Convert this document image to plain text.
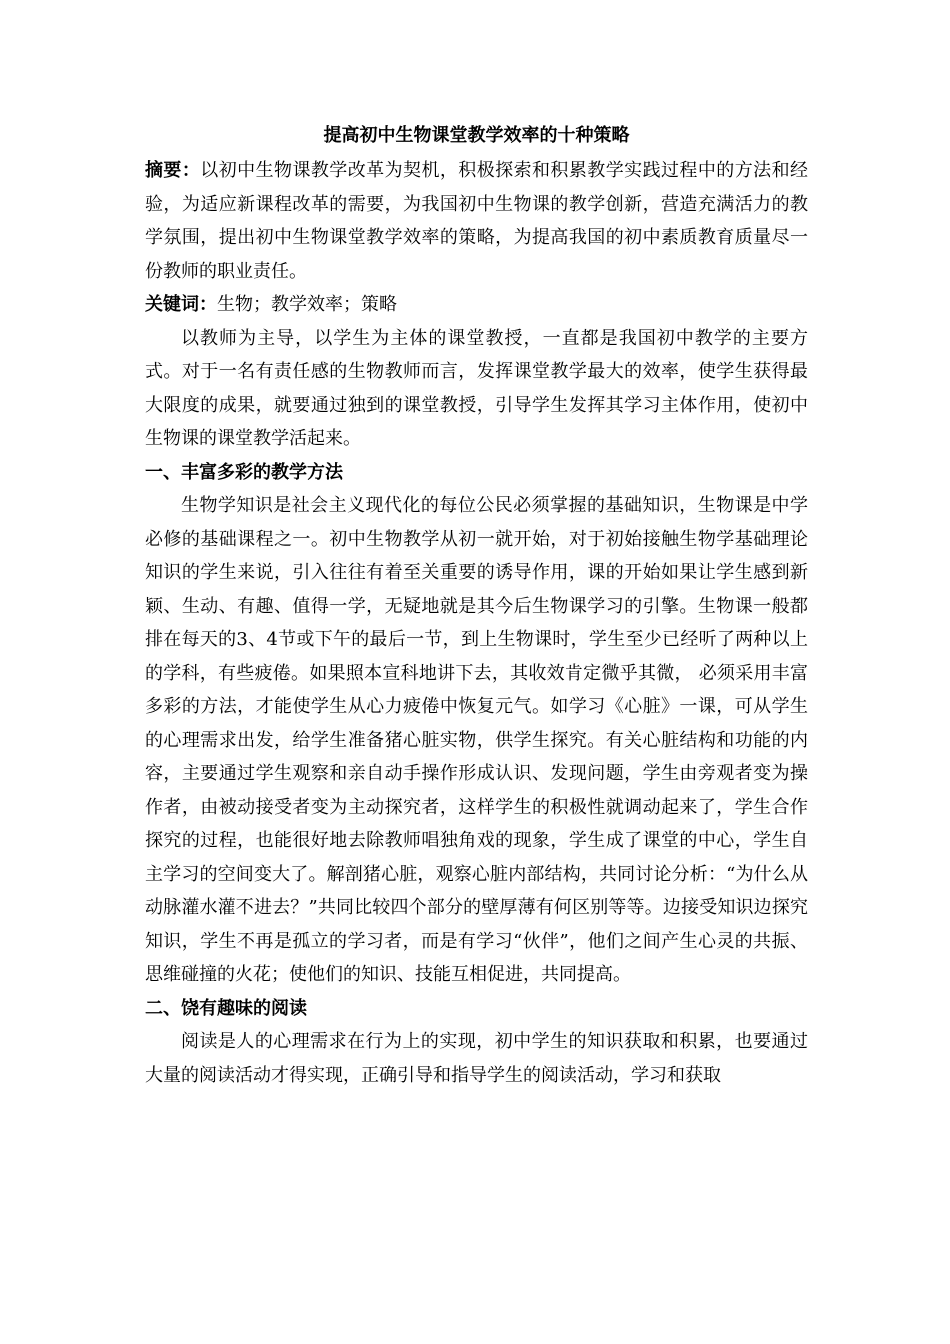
提高初中生物课堂教学效率的十种策略

摘要：以初中生物课教学改革为契机，积极探索和积累教学实践过程中的方法和经验，为适应新课程改革的需要，为我国初中生物课的教学创新，营造充满活力的教学氛围，提出初中生物课堂教学效率的策略，为提高我国的初中素质教育质量尽一份教师的职业责任。

关键词：生物；教学效率；策略

以教师为主导，以学生为主体的课堂教授，一直都是我国初中教学的主要方式。对于一名有责任感的生物教师而言，发挥课堂教学最大的效率，使学生获得最大限度的成果，就要通过独到的课堂教授，引导学生发挥其学习主体作用，使初中生物课的课堂教学活起来。

一、丰富多彩的教学方法

生物学知识是社会主义现代化的每位公民必须掌握的基础知识，生物课是中学必修的基础课程之一。初中生物教学从初一就开始，对于初始接触生物学基础理论知识的学生来说，引入往往有着至关重要的诱导作用，课的开始如果让学生感到新颖、生动、有趣、值得一学，无疑地就是其今后生物课学习的引擎。生物课一般都排在每天的3、4节或下午的最后一节，到上生物课时，学生至少已经听了两种以上的学科，有些疲倦。如果照本宣科地讲下去，其收效肯定微乎其微， 必须采用丰富多彩的方法，才能使学生从心力疲倦中恢复元气。如学习《心脏》一课，可从学生的心理需求出发，给学生准备猪心脏实物，供学生探究。有关心脏结构和功能的内容，主要通过学生观察和亲自动手操作形成认识、发现问题，学生由旁观者变为操作者，由被动接受者变为主动探究者，这样学生的积极性就调动起来了，学生合作探究的过程，也能很好地去除教师唱独角戏的现象，学生成了课堂的中心，学生自主学习的空间变大了。解剖猪心脏，观察心脏内部结构，共同讨论分析：“为什么从动脉灌水灌不进去？”共同比较四个部分的壁厚薄有何区别等等。边接受知识边探究知识，学生不再是孤立的学习者，而是有学习“伙伴”，他们之间产生心灵的共振、思维碰撞的火花；使他们的知识、技能互相促进，共同提高。

二、饶有趣味的阅读

阅读是人的心理需求在行为上的实现，初中学生的知识获取和积累，也要通过大量的阅读活动才得实现，正确引导和指导学生的阅读活动，学习和获取
